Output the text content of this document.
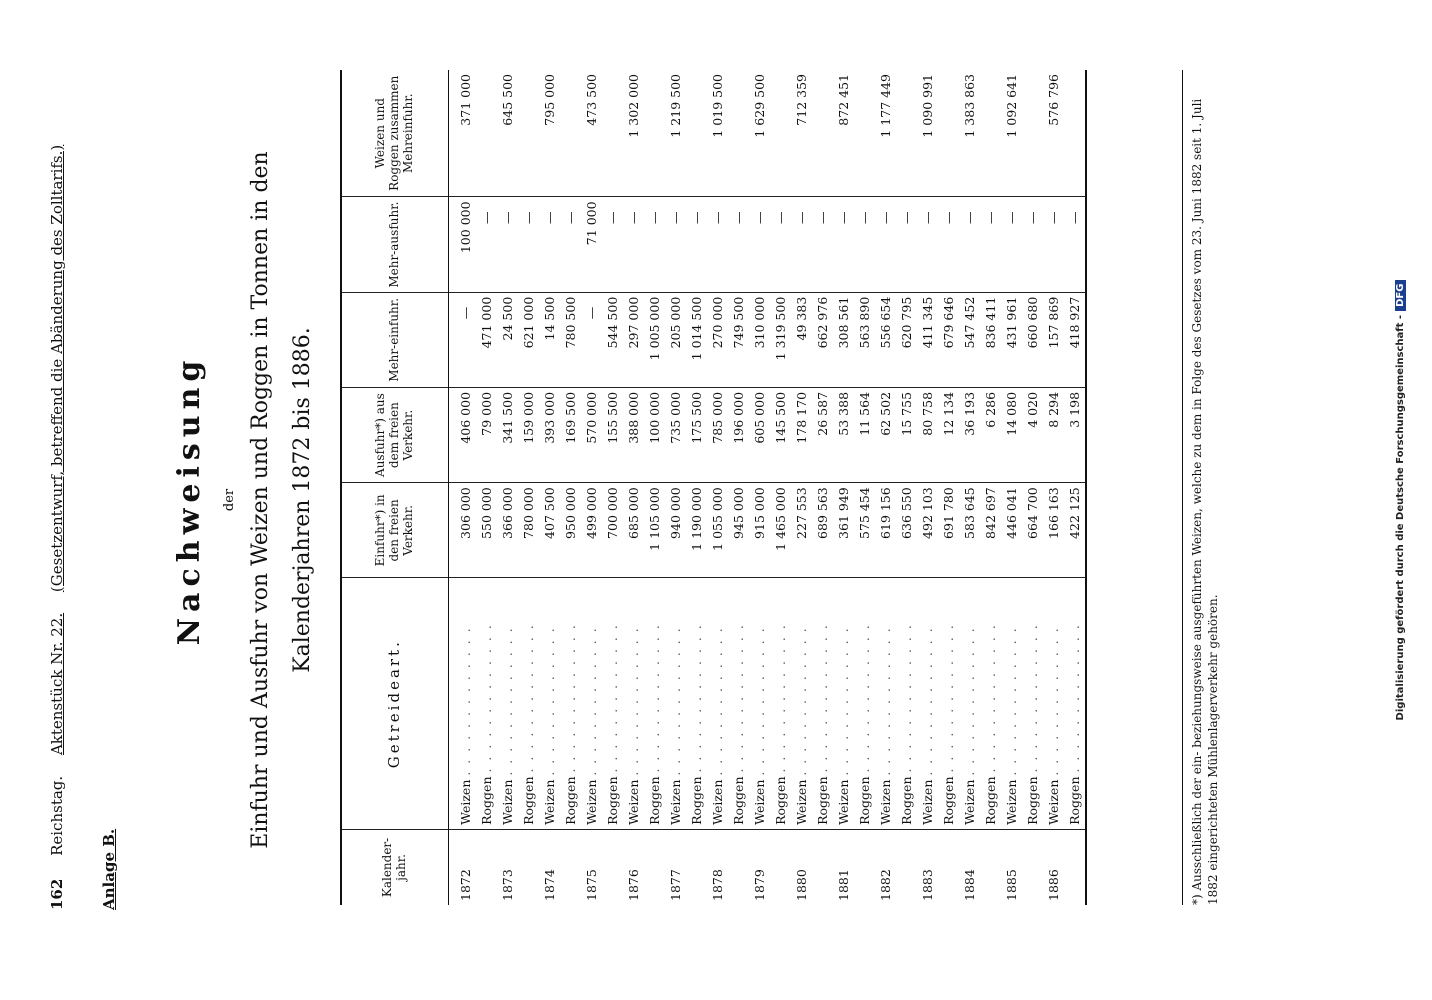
162 Reichstag. Aktenstück Nr. 22. (Gesetzentwurf, betreffend die Abänderung des Zolltarifs.)
Anlage B.
Nachweisung der Einfuhr und Ausfuhr von Weizen und Roggen in Tonnen in den Kalenderjahren 1872 bis 1886.
Kalender-jahr.	Getreideart.	Einfuhr*) in den freien Verkehr.	Ausfuhr*) aus dem freien Verkehr.	Mehr-einfuhr.	Mehr-ausfuhr.	Weizen und Roggen zusammen Mehreinfuhr.
1872	Weizen . . . . . . . . . . . . .	306 000	406 000	—	100 000	371 000
	Roggen . . . . . . . . . . . . .	550 000	79 000	471 000	—	
1873	Weizen . . . . . . . . . . . . .	366 000	341 500	24 500	—	645 500
	Roggen . . . . . . . . . . . . .	780 000	159 000	621 000	—	
1874	Weizen . . . . . . . . . . . . .	407 500	393 000	14 500	—	795 000
	Roggen . . . . . . . . . . . . .	950 000	169 500	780 500	—	
1875	Weizen . . . . . . . . . . . . .	499 000	570 000	—	71 000	473 500
	Roggen . . . . . . . . . . . . .	700 000	155 500	544 500	—	
1876	Weizen . . . . . . . . . . . . .	685 000	388 000	297 000	—	1 302 000
	Roggen . . . . . . . . . . . . .	1 105 000	100 000	1 005 000	—	
1877	Weizen . . . . . . . . . . . . .	940 000	735 000	205 000	—	1 219 500
	Roggen . . . . . . . . . . . . .	1 190 000	175 500	1 014 500	—	
1878	Weizen . . . . . . . . . . . . .	1 055 000	785 000	270 000	—	1 019 500
	Roggen . . . . . . . . . . . . .	945 000	196 000	749 500	—	
1879	Weizen . . . . . . . . . . . . .	915 000	605 000	310 000	—	1 629 500
	Roggen . . . . . . . . . . . . .	1 465 000	145 500	1 319 500	—	
1880	Weizen . . . . . . . . . . . . .	227 553	178 170	49 383	—	712 359
	Roggen . . . . . . . . . . . . .	689 563	26 587	662 976	—	
1881	Weizen . . . . . . . . . . . . .	361 949	53 388	308 561	—	872 451
	Roggen . . . . . . . . . . . . .	575 454	11 564	563 890	—	
1882	Weizen . . . . . . . . . . . . .	619 156	62 502	556 654	—	1 177 449
	Roggen . . . . . . . . . . . . .	636 550	15 755	620 795	—	
1883	Weizen . . . . . . . . . . . . .	492 103	80 758	411 345	—	1 090 991
	Roggen . . . . . . . . . . . . .	691 780	12 134	679 646	—	
1884	Weizen . . . . . . . . . . . . .	583 645	36 193	547 452	—	1 383 863
	Roggen . . . . . . . . . . . . .	842 697	6 286	836 411	—	
1885	Weizen . . . . . . . . . . . . .	446 041	14 080	431 961	—	1 092 641
	Roggen . . . . . . . . . . . . .	664 700	4 020	660 680	—	
1886	Weizen . . . . . . . . . . . . .	166 163	8 294	157 869	—	576 796
	Roggen . . . . . . . . . . . . .	422 125	3 198	418 927	—		*) Ausschließlich der ein- beziehungsweise ausgeführten Weizen, welche zu dem in Folge des Gesetzes vom 23. Juni 1882 seit 1. Juli 1882 eingerichteten Mühlenlagerverkehr gehören.
Digitalisierung gefördert durch die Deutsche Forschungsgemeinschaft -DFG
